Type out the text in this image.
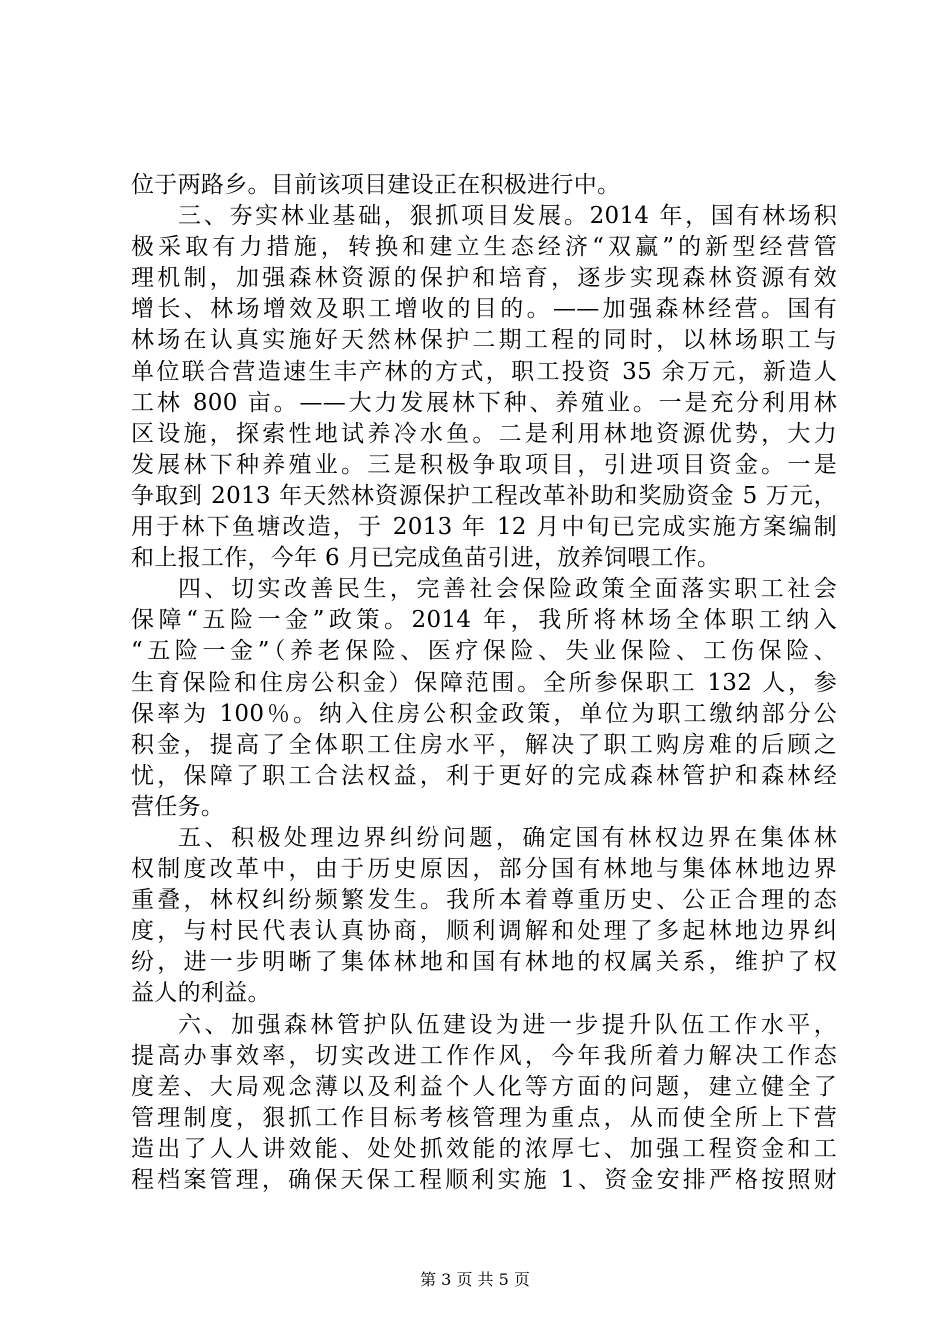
位于两路乡。目前该项目建设正在积极进行中。
三、夯实林业基础，狠抓项目发展。2014 年，国有林场积
极采取有力措施，转换和建立生态经济“双赢”的新型经营管
理机制，加强森林资源的保护和培育，逐步实现森林资源有效
增长、林场增效及职工增收的目的。——加强森林经营。国有
林场在认真实施好天然林保护二期工程的同时，以林场职工与
单位联合营造速生丰产林的方式，职工投资 35 余万元，新造人
工林 800 亩。——大力发展林下种、养殖业。一是充分利用林
区设施，探索性地试养冷水鱼。二是利用林地资源优势，大力
发展林下种养殖业。三是积极争取项目，引进项目资金。一是
争取到 2013 年天然林资源保护工程改革补助和奖励资金 5 万元，
用于林下鱼塘改造，于 2013 年 12 月中旬已完成实施方案编制
和上报工作，今年 6 月已完成鱼苗引进，放养饲喂工作。
四、切实改善民生，完善社会保险政策全面落实职工社会
保障“五险一金”政策。2014 年，我所将林场全体职工纳入
“五险一金”（养老保险、医疗保险、失业保险、工伤保险、
生育保险和住房公积金）保障范围。全所参保职工 132 人，参
保率为 100％。纳入住房公积金政策，单位为职工缴纳部分公
积金，提高了全体职工住房水平，解决了职工购房难的后顾之
忧，保障了职工合法权益，利于更好的完成森林管护和森林经
营任务。
五、积极处理边界纠纷问题，确定国有林权边界在集体林
权制度改革中，由于历史原因，部分国有林地与集体林地边界
重叠，林权纠纷频繁发生。我所本着尊重历史、公正合理的态
度，与村民代表认真协商，顺利调解和处理了多起林地边界纠
纷，进一步明晰了集体林地和国有林地的权属关系，维护了权
益人的利益。
六、加强森林管护队伍建设为进一步提升队伍工作水平，
提高办事效率，切实改进工作作风，今年我所着力解决工作态
度差、大局观念薄以及利益个人化等方面的问题，建立健全了
管理制度，狠抓工作目标考核管理为重点，从而使全所上下营
造出了人人讲效能、处处抓效能的浓厚七、加强工程资金和工
程档案管理，确保天保工程顺利实施 1、资金安排严格按照财
第 3 页 共 5 页
